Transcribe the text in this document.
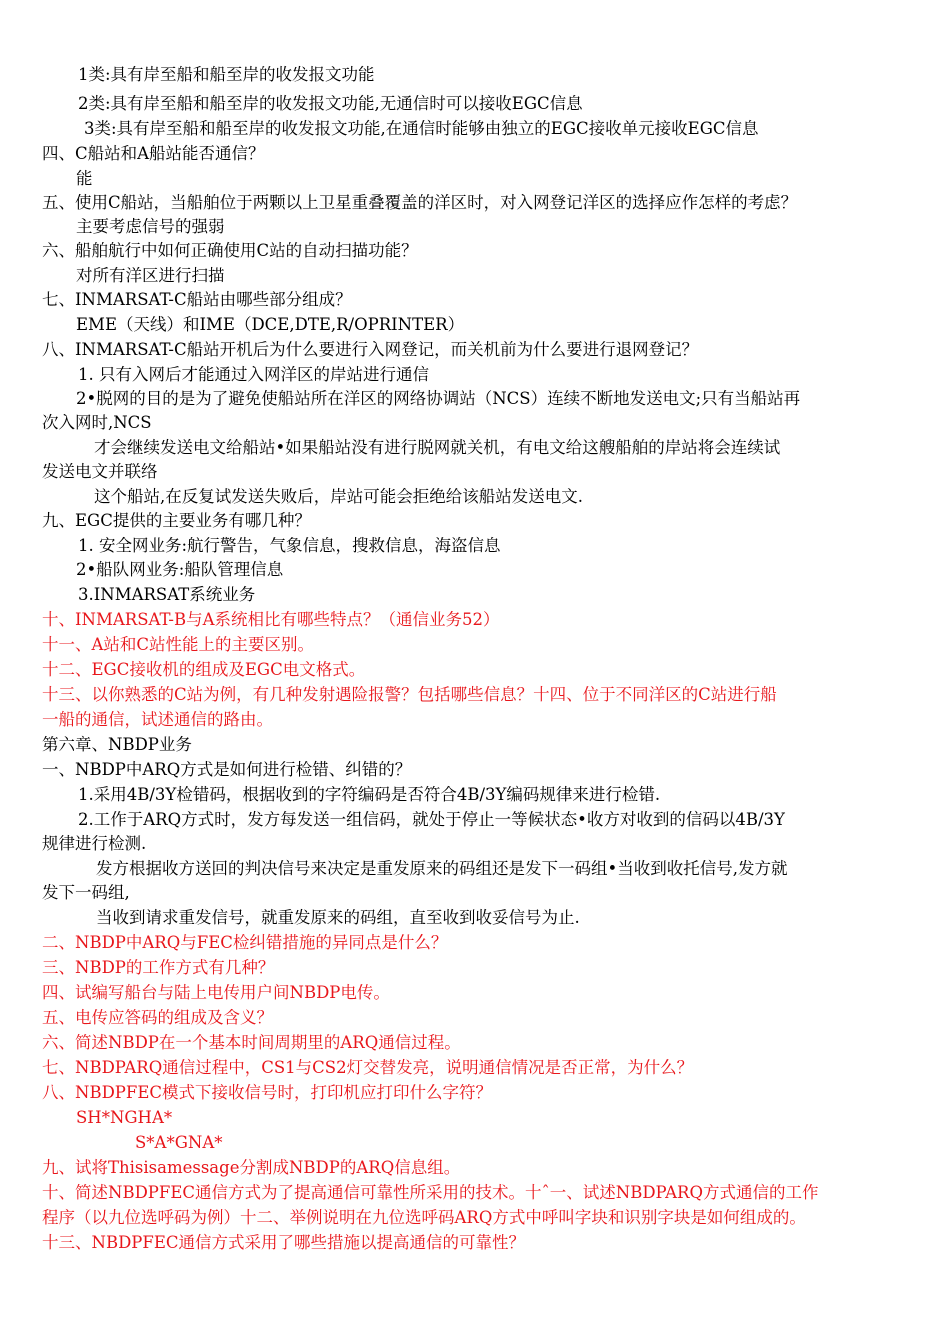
1类:具有岸至船和船至岸的收发报文功能
2类:具有岸至船和船至岸的收发报文功能,无通信时可以接收EGC信息
3类:具有岸至船和船至岸的收发报文功能,在通信时能够由独立的EGC接收单元接收EGC信息
四、C船站和A船站能否通信？
能
五、使用C船站，当船舶位于两颗以上卫星重叠覆盖的洋区时，对入网登记洋区的选择应作怎样的考虑？
主要考虑信号的强弱
六、船舶航行中如何正确使用C站的自动扫描功能？
对所有洋区进行扫描
七、INMARSAT-C船站由哪些部分组成？
EME（天线）和IME（DCE,DTE,R/OPRINTER）
八、INMARSAT-C船站开机后为什么要进行入网登记，而关机前为什么要进行退网登记？
1. 只有入网后才能通过入网洋区的岸站进行通信
2•脱网的目的是为了避免使船站所在洋区的网络协调站（NCS）连续不断地发送电文;只有当船站再
次入网时,NCS
才会继续发送电文给船站•如果船站没有进行脱网就关机，有电文给这艘船舶的岸站将会连续试
发送电文并联络
这个船站,在反复试发送失败后，岸站可能会拒绝给该船站发送电文.
九、EGC提供的主要业务有哪几种？
1. 安全网业务:航行警告，气象信息，搜救信息，海盗信息
2•船队网业务:船队管理信息
3.INMARSAT系统业务
十、INMARSAT-B与A系统相比有哪些特点？（通信业务52）
十一、A站和C站性能上的主要区别。
十二、EGC接收机的组成及EGC电文格式。
十三、以你熟悉的C站为例，有几种发射遇险报警？包括哪些信息？十四、位于不同洋区的C站进行船
一船的通信，试述通信的路由。
第六章、NBDP业务
一、NBDP中ARQ方式是如何进行检错、纠错的？
1.采用4B/3Y检错码，根据收到的字符编码是否符合4B/3Y编码规律来进行检错.
2.工作于ARQ方式时，发方每发送一组信码，就处于停止一等候状态•收方对收到的信码以4B/3Y
规律进行检测.
发方根据收方送回的判决信号来决定是重发原来的码组还是发下一码组•当收到收托信号,发方就
发下一码组,
当收到请求重发信号，就重发原来的码组，直至收到收妥信号为止.
二、NBDP中ARQ与FEC检纠错措施的异同点是什么？
三、NBDP的工作方式有几种？
四、试编写船台与陆上电传用户间NBDP电传。
五、电传应答码的组成及含义？
六、简述NBDP在一个基本时间周期里的ARQ通信过程。
七、NBDPARQ通信过程中，CS1与CS2灯交替发亮，说明通信情况是否正常，为什么？
八、NBDPFEC模式下接收信号时，打印机应打印什么字符？
SH*NGHA*
S*A*GNA*
九、试将Thisisamessage分割成NBDP的ARQ信息组。
十、简述NBDPFEC通信方式为了提高通信可靠性所采用的技术。十ˆ一、试述NBDPARQ方式通信的工作
程序（以九位选呼码为例）十二、举例说明在九位选呼码ARQ方式中呼叫字块和识别字块是如何组成的。
十三、NBDPFEC通信方式采用了哪些措施以提高通信的可靠性？
